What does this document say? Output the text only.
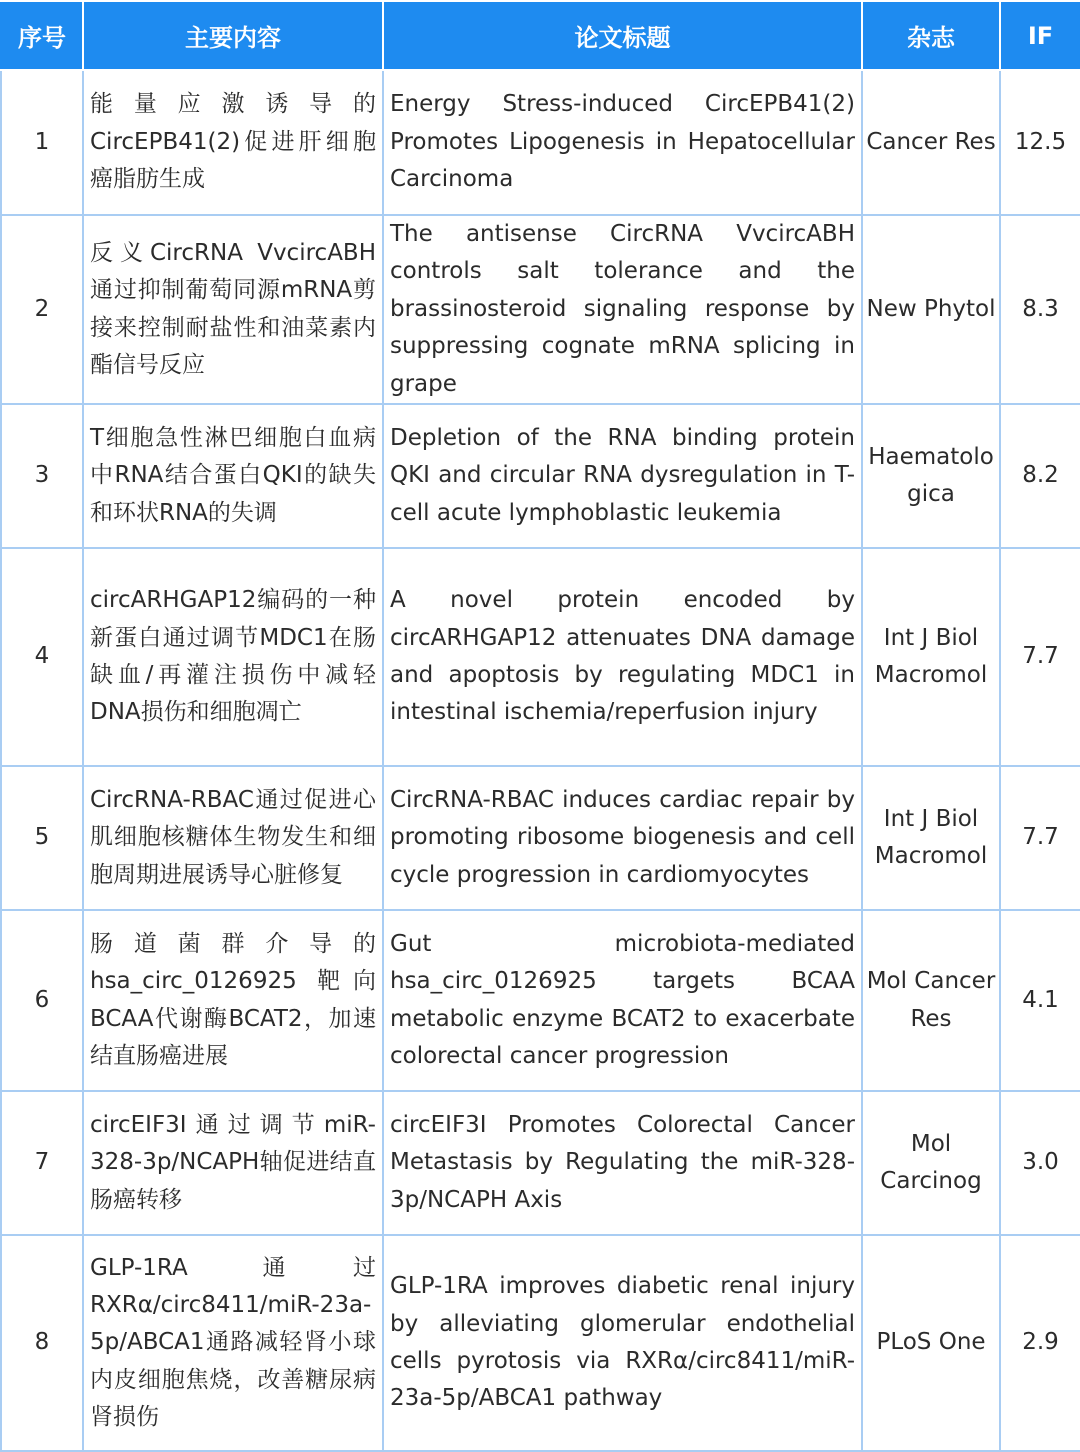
序号	主要内容	论文标题	杂志	IF
1	能量应激诱导的CircEPB41(2)促进肝细胞癌脂肪生成	Energy Stress-induced CircEPB41(2) Promotes Lipogenesis in Hepatocellular Carcinoma	Cancer Res	12.5
2	反义CircRNA VvcircABH通过抑制葡萄同源mRNA剪接来控制耐盐性和油菜素内酯信号反应	The antisense CircRNA VvcircABH controls salt tolerance and the brassinosteroid signaling response by suppressing cognate mRNA splicing in grape	New Phytol	8.3
3	T细胞急性淋巴细胞白血病中RNA结合蛋白QKI的缺失和环状RNA的失调	Depletion of the RNA binding protein QKI and circular RNA dysregulation in T-cell acute lymphoblastic leukemia	Haematologica	8.2
4	circARHGAP12编码的一种新蛋白通过调节MDC1在肠缺血/再灌注损伤中减轻DNA损伤和细胞凋亡	A novel protein encoded by circARHGAP12 attenuates DNA damage and apoptosis by regulating MDC1 in intestinal ischemia/reperfusion injury	Int J Biol Macromol	7.7
5	CircRNA-RBAC通过促进心肌细胞核糖体生物发生和细胞周期进展诱导心脏修复	CircRNA-RBAC induces cardiac repair by promoting ribosome biogenesis and cell cycle progression in cardiomyocytes	Int J Biol Macromol	7.7
6	肠道菌群介导的hsa_circ_0126925 靶向BCAA代谢酶BCAT2，加速结直肠癌进展	Gut microbiota-mediated hsa_circ_0126925 targets BCAA metabolic enzyme BCAT2 to exacerbate colorectal cancer progression	Mol Cancer Res	4.1
7	circEIF3I通过调节miR-328-3p/NCAPH轴促进结直肠癌转移	circEIF3I Promotes Colorectal Cancer Metastasis by Regulating the miR-328-3p/NCAPH Axis	Mol Carcinog	3.0
8	GLP-1RA 通过RXRα/circ8411/miR-23a-5p/ABCA1通路减轻肾小球内皮细胞焦烧，改善糖尿病肾损伤	GLP-1RA improves diabetic renal injury by alleviating glomerular endothelial cells pyrotosis via RXRα/circ8411/miR-23a-5p/ABCA1 pathway	PLoS One	2.9
